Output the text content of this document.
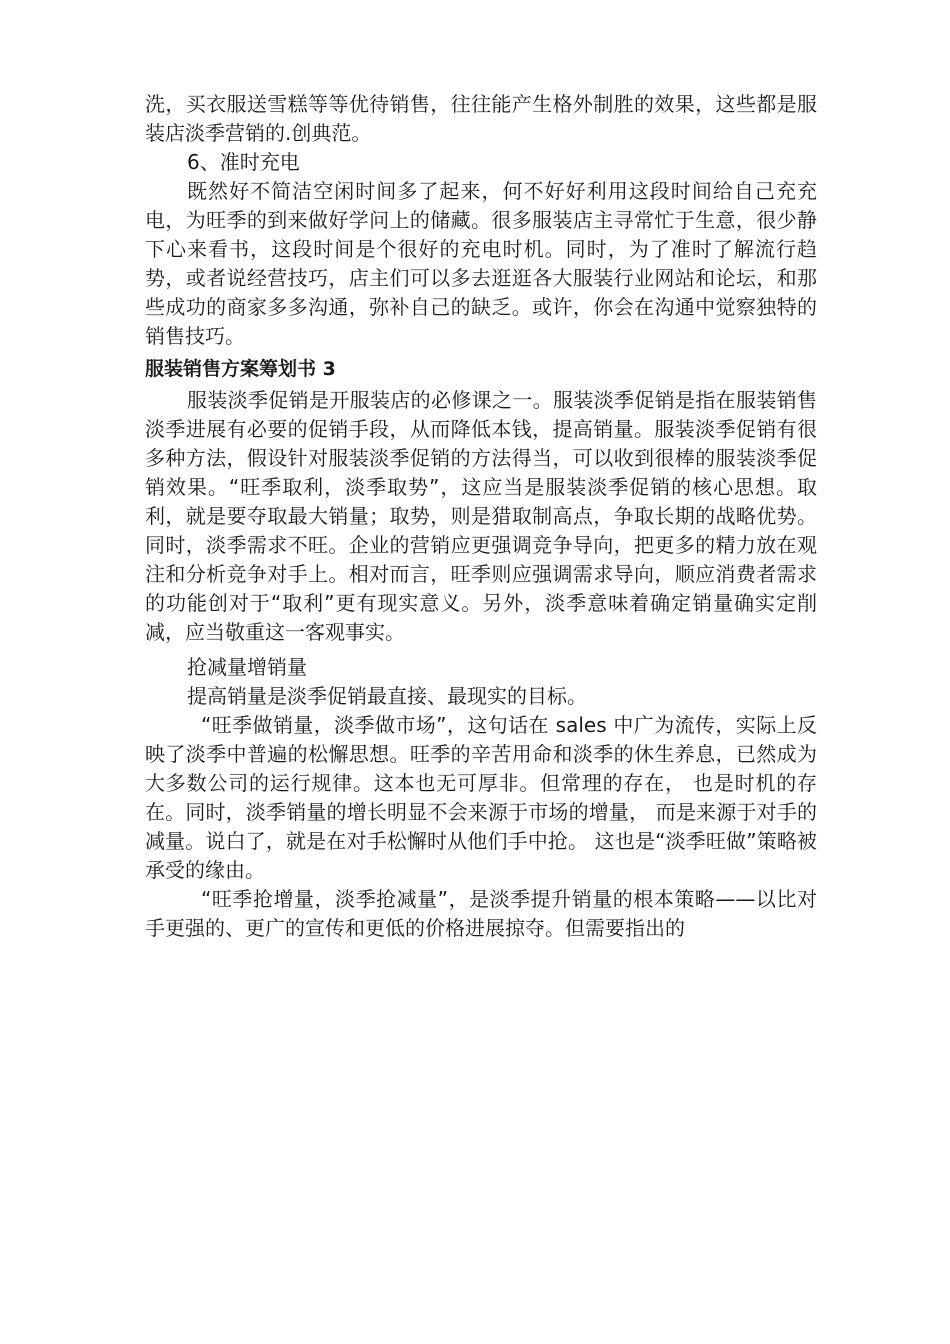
洗，买衣服送雪糕等等优待销售，往往能产生格外制胜的效果，这些都是服装店淡季营销的.创典范。

6、准时充电

既然好不简洁空闲时间多了起来，何不好好利用这段时间给自己充充电，为旺季的到来做好学问上的储藏。很多服装店主寻常忙于生意，很少静下心来看书，这段时间是个很好的充电时机。同时，为了准时了解流行趋势，或者说经营技巧，店主们可以多去逛逛各大服装行业网站和论坛，和那些成功的商家多多沟通，弥补自己的缺乏。或许，你会在沟通中觉察独特的销售技巧。

服装销售方案筹划书 3

服装淡季促销是开服装店的必修课之一。服装淡季促销是指在服装销售淡季进展有必要的促销手段，从而降低本钱，提高销量。服装淡季促销有很多种方法，假设针对服装淡季促销的方法得当，可以收到很棒的服装淡季促销效果。“旺季取利，淡季取势”，这应当是服装淡季促销的核心思想。取利，就是要夺取最大销量；取势，则是猎取制高点，争取长期的战略优势。同时，淡季需求不旺。企业的营销应更强调竞争导向，把更多的精力放在观注和分析竞争对手上。相对而言，旺季则应强调需求导向，顺应消费者需求的功能创对于“取利”更有现实意义。另外，淡季意味着确定销量确实定削减，应当敬重这一客观事实。

抢减量增销量

提高销量是淡季促销最直接、最现实的目标。

“旺季做销量，淡季做市场”，这句话在 sales 中广为流传，实际上反映了淡季中普遍的松懈思想。旺季的辛苦用命和淡季的休生养息，已然成为大多数公司的运行规律。这本也无可厚非。但常理的存在， 也是时机的存在。同时，淡季销量的增长明显不会来源于市场的增量， 而是来源于对手的减量。说白了，就是在对手松懈时从他们手中抢。 这也是“淡季旺做”策略被承受的缘由。

“旺季抢增量，淡季抢减量”，是淡季提升销量的根本策略——以比对手更强的、更广的宣传和更低的价格进展掠夺。但需要指出的
